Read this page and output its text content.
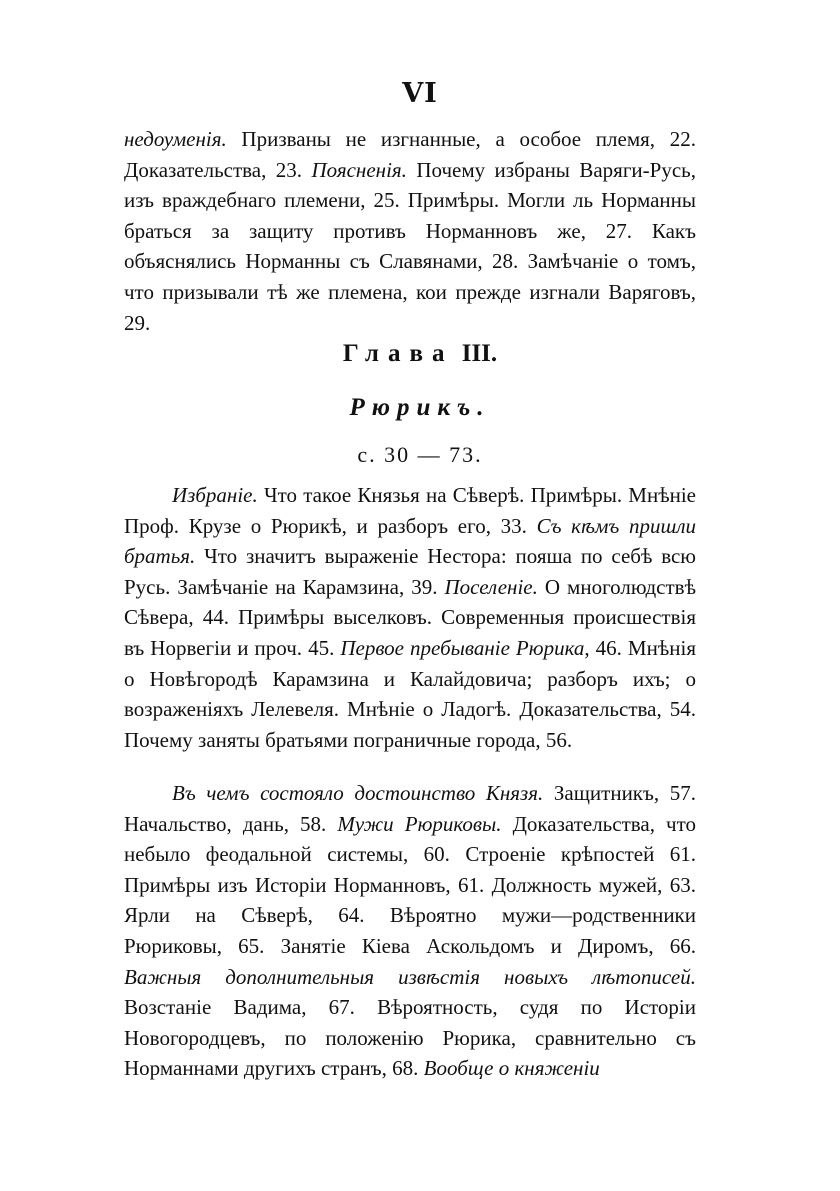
VI
недоуменія. Призваны не изгнанные, а особое племя, 22. Доказательства, 23. Поясненія. Почему избраны Варяги-Русь, изъ враждебнаго племени, 25. Примѣры. Могли ль Норманны браться за защиту противъ Норманновъ же, 27. Какъ объяснялись Норманны съ Славянами, 28. Замѣчаніе о томъ, что призывали тѣ же племена, кои прежде изгнали Варяговъ, 29.
Глава III.
Рюрикъ.
с. 30 — 73.
Избраніе. Что такое Князья на Сѣверѣ. Примѣры. Мнѣніе Проф. Крузе о Рюрикѣ, и разборъ его, 33. Съ кѣмъ пришли братья. Что значитъ выраженіе Нестора: пояша по себѣ всю Русь. Замѣчаніе на Карамзина, 39. Поселеніе. О многолюдствѣ Сѣвера, 44. Примѣры выселковъ. Современныя происшествія въ Норвегіи и проч. 45. Первое пребываніе Рюрика, 46. Мнѣнія о Новѣгородѣ Карамзина и Калайдовича; разборъ ихъ; о возраженіяхъ Лелевеля. Мнѣніе о Ладогѣ. Доказательства, 54. Почему заняты братьями пограничные города, 56.
Въ чемъ состояло достоинство Князя. Защитникъ, 57. Начальство, дань, 58. Мужи Рюриковы. Доказательства, что небыло феодальной системы, 60. Строеніе крѣпостей 61. Примѣры изъ Исторіи Норманновъ, 61. Должность мужей, 63. Ярли на Сѣверѣ, 64. Вѣроятно мужи—родственники Рюриковы, 65. Занятіе Кіева Аскольдомъ и Диромъ, 66. Важныя дополнительныя извѣстія новыхъ лѣтописей. Возстаніе Вадима, 67. Вѣроятность, судя по Исторіи Новогородцевъ, по положенію Рюрика, сравнительно съ Норманнами другихъ странъ, 68. Вообще о княженіи
